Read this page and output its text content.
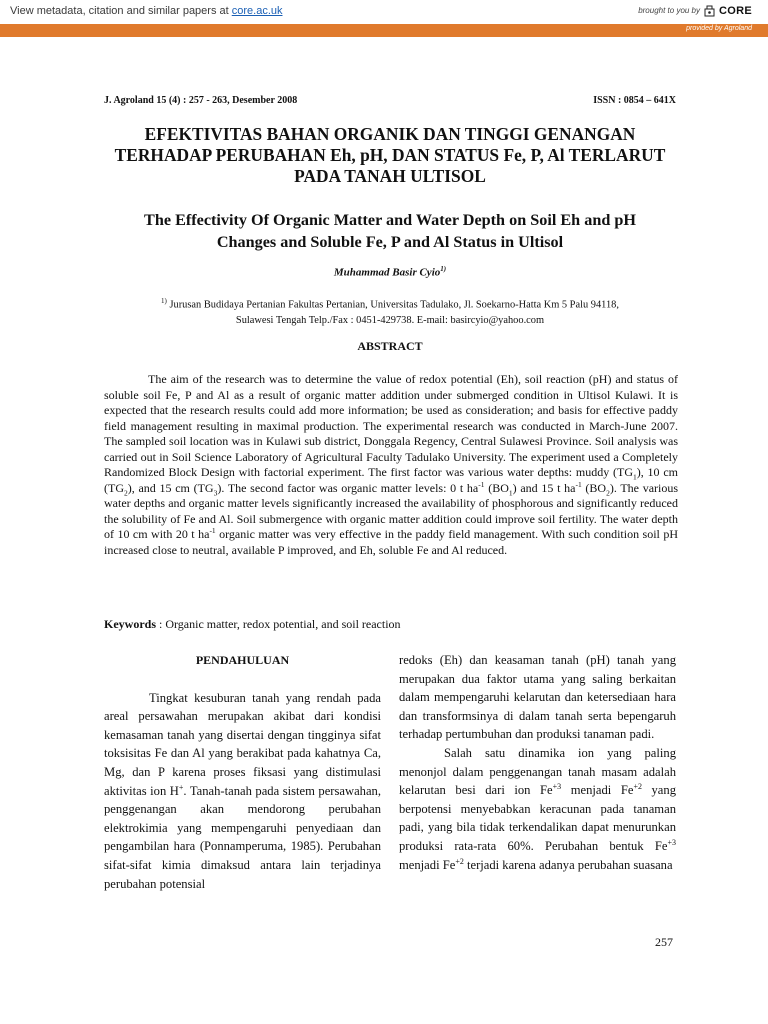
View metadata, citation and similar papers at core.ac.uk	brought to you by CORE
provided by Agroland
J. Agroland 15 (4) : 257 - 263, Desember 2008	ISSN : 0854 – 641X
EFEKTIVITAS BAHAN ORGANIK DAN TINGGI GENANGAN
TERHADAP PERUBAHAN Eh, pH, DAN STATUS Fe, P, Al TERLARUT
PADA TANAH ULTISOL
The Effectivity Of Organic Matter and Water Depth on Soil Eh and pH
Changes and Soluble Fe, P and Al Status in Ultisol
Muhammad Basir Cyio$^{1)}$
$^{1)}$ Jurusan Budidaya Pertanian Fakultas Pertanian, Universitas Tadulako, Jl. Soekarno-Hatta Km 5 Palu 94118,
Sulawesi Tengah Telp./Fax : 0451-429738. E-mail: basircyio@yahoo.com
ABSTRACT

The aim of the research was to determine the value of redox potential (Eh), soil reaction (pH) and status of soluble soil Fe, P and Al as a result of organic matter addition under submerged condition in Ultisol Kulawi. It is expected that the research results could add more information; be used as consideration; and basis for effective paddy field management resulting in maximal production. The experimental research was conducted in March-June 2007. The sampled soil location was in Kulawi sub district, Donggala Regency, Central Sulawesi Province. Soil analysis was carried out in Soil Science Laboratory of Agricultural Faculty Tadulako University. The experiment used a Completely Randomized Block Design with factorial experiment. The first factor was various water depths: muddy $(TG_1)$, 10 cm $(TG_2)$, and 15 cm $(TG_3)$. The second factor was organic matter levels: 0 t $ha^{-1}$ $(BO_1)$ and 15 t $ha^{-1}$ $(BO_2)$. The various water depths and organic matter levels significantly increased the availability of phosphorous and significantly reduced the solubility of Fe and Al. Soil submergence with organic matter addition could improve soil fertility. The water depth of 10 cm with 20 t $ha^{-1}$ organic matter was very effective in the paddy field management. With such condition soil pH increased close to neutral, available P improved, and Eh, soluble Fe and Al reduced.

Keywords : Organic matter, redox potential, and soil reaction

PENDAHULUAN

Tingkat kesuburan tanah yang rendah pada areal persawahan merupakan akibat dari kondisi kemasaman tanah yang disertai dengan tingginya sifat toksisitas Fe dan Al yang berakibat pada kahatnya Ca, Mg, dan P karena proses fiksasi yang distimulasi aktivitas ion H+. Tanah-tanah pada sistem persawahan, penggenangan akan mendorong perubahan elektrokimia yang mempengaruhi penyediaan dan pengambilan hara (Ponnamperuma, 1985). Perubahan sifat-sifat kimia dimaksud antara lain terjadinya perubahan potensial

redoks (Eh) dan keasaman tanah (pH) tanah yang merupakan dua faktor utama yang saling berkaitan dalam mempengaruhi kelarutan dan ketersediaan hara dan transformsinya di dalam tanah serta bepengaruh terhadap pertumbuhan dan produksi tanaman padi.

Salah satu dinamika ion yang paling menonjol dalam penggenangan tanah masam adalah kelarutan besi dari ion $Fe^{+3}$ menjadi $Fe^{+2}$ yang berpotensi menyebabkan keracunan pada tanaman padi, yang bila tidak terkendalikan dapat menurunkan produksi rata-rata 60%. Perubahan bentuk $Fe^{+3}$ menjadi $Fe^{+2}$ terjadi karena adanya perubahan suasana

257
